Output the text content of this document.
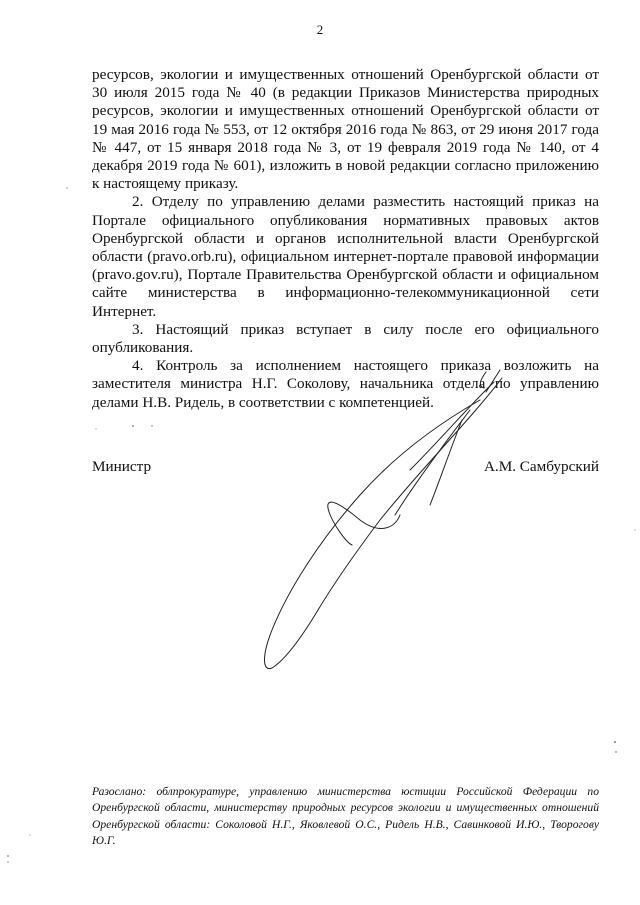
2

ресурсов, экологии и имущественных отношений Оренбургской области от 30 июля 2015 года № 40 (в редакции Приказов Министерства природных ресурсов, экологии и имущественных отношений Оренбургской области от 19 мая 2016 года № 553, от 12 октября 2016 года № 863, от 29 июня 2017 года № 447, от 15 января 2018 года № 3, от 19 февраля 2019 года № 140, от 4 декабря 2019 года № 601), изложить в новой редакции согласно приложению к настоящему приказу.

2. Отделу по управлению делами разместить настоящий приказ на Портале официального опубликования нормативных правовых актов Оренбургской области и органов исполнительной власти Оренбургской области (pravo.orb.ru), официальном интернет-портале правовой информации (pravo.gov.ru), Портале Правительства Оренбургской области и официальном сайте министерства в информационно-телекоммуникационной сети Интернет.

3. Настоящий приказ вступает в силу после его официального опубликования.

4. Контроль за исполнением настоящего приказа возложить на заместителя министра Н.Г. Соколову, начальника отдела по управлению делами Н.В. Ридель, в соответствии с компетенцией.

Министр	А.М. Самбурский
Разослано: облпрокуратуре, управлению министерства юстиции Российской Федерации по Оренбургской области, министерству природных ресурсов экологии и имущественных отношений Оренбургской области: Соколовой Н.Г., Яковлевой О.С., Ридель Н.В., Савинковой И.Ю., Творогову Ю.Г.
